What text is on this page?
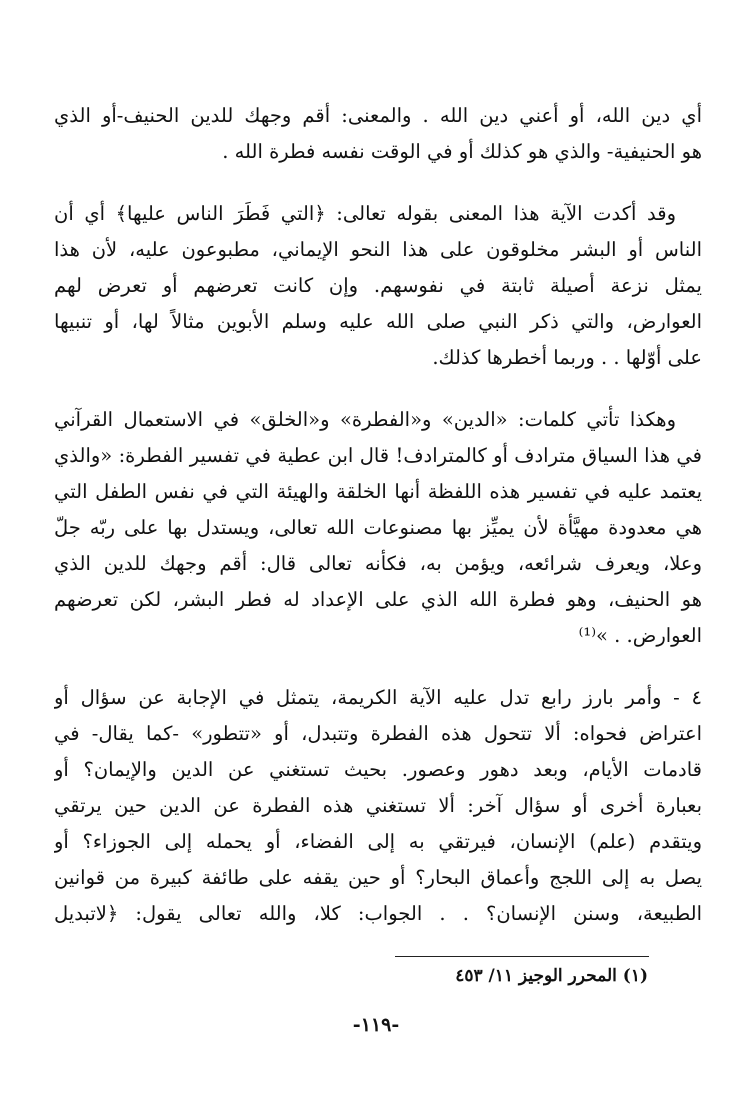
أي دين الله، أو أعني دين الله . والمعنى: أقم وجهك للدين الحنيف-أو الذي
هو الحنيفية- والذي هو كذلك أو في الوقت نفسه فطرة الله .
وقد أكدت الآية هذا المعنى بقوله تعالى: ﴿التي فَطَرَ الناس عليها﴾ أي أن
الناس أو البشر مخلوقون على هذا النحو الإيماني، مطبوعون عليه، لأن هذا
يمثل نزعة أصيلة ثابتة في نفوسهم. وإن كانت تعرضهم أو تعرض لهم
العوارض، والتي ذكر النبي صلى الله عليه وسلم الأبوين مثالاً لها، أو تنبيها
على أوّلها . . وربما أخطرها كذلك.
وهكذا تأتي كلمات: «الدين» و«الفطرة» و«الخلق» في الاستعمال القرآني
في هذا السياق مترادف أو كالمترادف! قال ابن عطية في تفسير الفطرة: «والذي
يعتمد عليه في تفسير هذه اللفظة أنها الخلقة والهيئة التي في نفس الطفل التي
هي معدودة مهيَّأة لأن يميِّز بها مصنوعات الله تعالى، ويستدل بها على ربّه جلّ
وعلا، ويعرف شرائعه، ويؤمن به، فكأنه تعالى قال: أقم وجهك للدين الذي
هو الحنيف، وهو فطرة الله الذي على الإعداد له فطر البشر، لكن تعرضهم
العوارض. . »⁽¹⁾
٤ - وأمر بارز رابع تدل عليه الآية الكريمة، يتمثل في الإجابة عن سؤال أو
اعتراض فحواه: ألا تتحول هذه الفطرة وتتبدل، أو «تتطور» -كما يقال- في
قادمات الأيام، وبعد دهور وعصور. بحيث تستغني عن الدين والإيمان؟ أو
بعبارة أخرى أو سؤال آخر: ألا تستغني هذه الفطرة عن الدين حين يرتقي
ويتقدم (علم) الإنسان، فيرتقي به إلى الفضاء، أو يحمله إلى الجوزاء؟ أو
يصل به إلى اللجج وأعماق البحار؟ أو حين يقفه على طائفة كبيرة من قوانين
الطبيعة، وسنن الإنسان؟ . . الجواب: كلا، والله تعالى يقول: ﴿لاتبديل
(١) المحرر الوجيز ١١/ ٤٥٣
-١١٩-
